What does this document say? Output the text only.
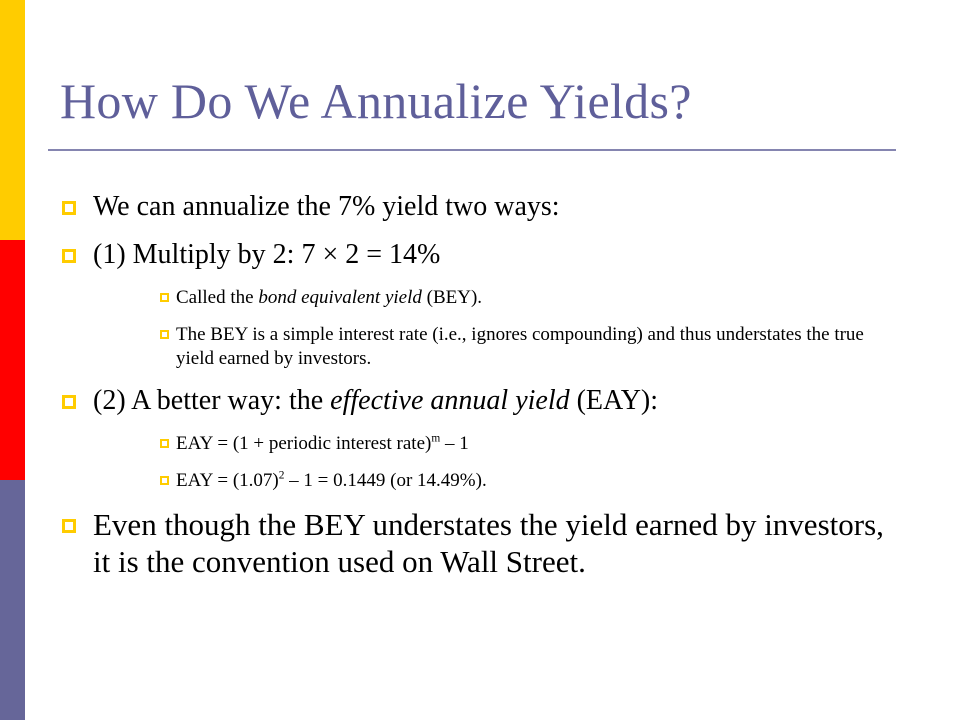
How Do We Annualize Yields?
We can annualize the 7% yield two ways:
(1) Multiply by 2: 7 × 2 = 14%
Called the bond equivalent yield (BEY).
The BEY is a simple interest rate (i.e., ignores compounding) and thus understates the true yield earned by investors.
(2) A better way: the effective annual yield (EAY):
EAY = (1 + periodic interest rate)$^m$ – 1
EAY = $(1.07)^2 - 1 = 0.1449$ (or 14.49%).
Even though the BEY understates the yield earned by investors, it is the convention used on Wall Street.
